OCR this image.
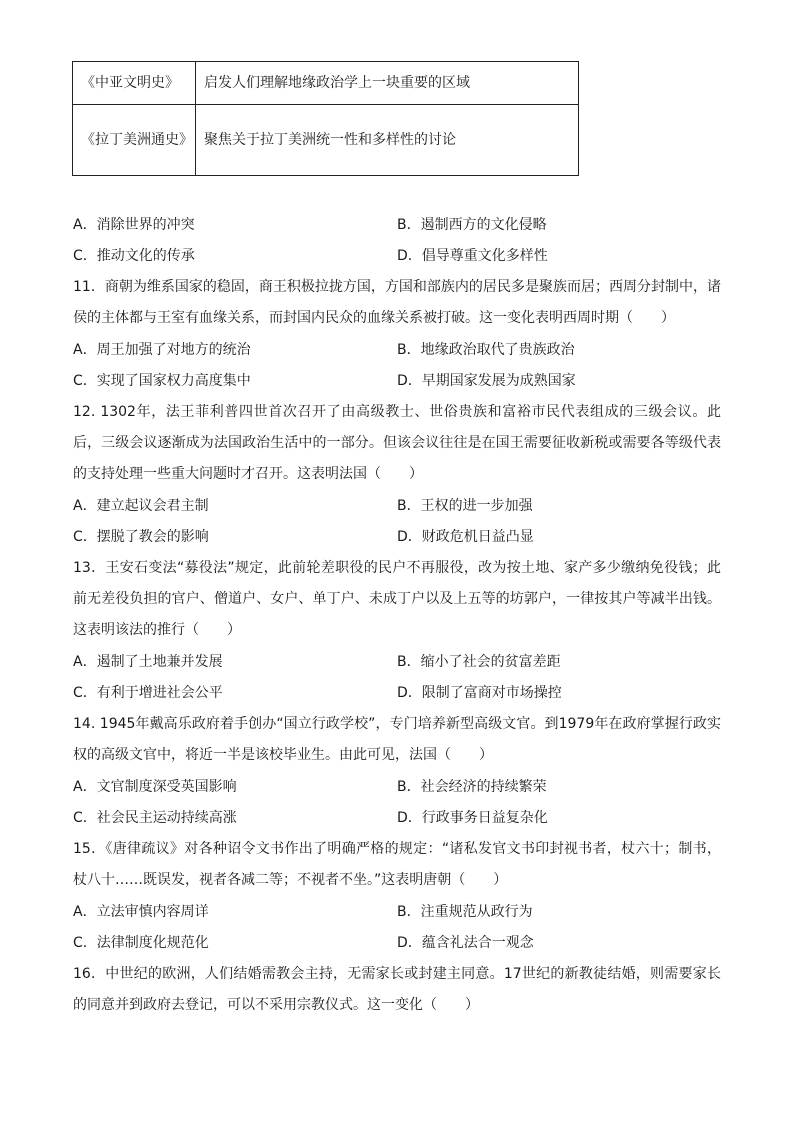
《中亚文明史》	启发人们理解地缘政治学上一块重要的区域
《拉丁美洲通史》	聚焦关于拉丁美洲统一性和多样性的讨论
A．消除世界的冲突	B．遏制西方的文化侵略
C．推动文化的传承	D．倡导尊重文化多样性
11．商朝为维系国家的稳固，商王积极拉拢方国，方国和部族内的居民多是聚族而居；西周分封制中，诸侯的主体都与王室有血缘关系，而封国内民众的血缘关系被打破。这一变化表明西周时期（　　）
A．周王加强了对地方的统治	B．地缘政治取代了贵族政治
C．实现了国家权力高度集中	D．早期国家发展为成熟国家
12. 1302年，法王菲利普四世首次召开了由高级教士、世俗贵族和富裕市民代表组成的三级会议。此后，三级会议逐渐成为法国政治生活中的一部分。但该会议往往是在国王需要征收新税或需要各等级代表的支持处理一些重大问题时才召开。这表明法国（　　）
A．建立起议会君主制	B．王权的进一步加强
C．摆脱了教会的影响	D．财政危机日益凸显
13．王安石变法“募役法”规定，此前轮差职役的民户不再服役，改为按土地、家产多少缴纳免役钱；此前无差役负担的官户、僧道户、女户、单丁户、未成丁户以及上五等的坊郭户，一律按其户等减半出钱。这表明该法的推行（　　）
A．遏制了土地兼并发展	B．缩小了社会的贫富差距
C．有利于增进社会公平	D．限制了富商对市场操控
14. 1945年戴高乐政府着手创办“国立行政学校”，专门培养新型高级文官。到1979年在政府掌握行政实权的高级文官中，将近一半是该校毕业生。由此可见，法国（　　）
A．文官制度深受英国影响	B．社会经济的持续繁荣
C．社会民主运动持续高涨	D．行政事务日益复杂化
15．《唐律疏议》对各种诏令文书作出了明确严格的规定：“诸私发官文书印封视书者，杖六十；制书，杖八十……既误发，视者各减二等；不视者不坐。”这表明唐朝（　　）
A．立法审慎内容周详	B．注重规范从政行为
C．法律制度化规范化	D．蕴含礼法合一观念
16．中世纪的欧洲，人们结婚需教会主持，无需家长或封建主同意。17世纪的新教徒结婚，则需要家长的同意并到政府去登记，可以不采用宗教仪式。这一变化（　　）
